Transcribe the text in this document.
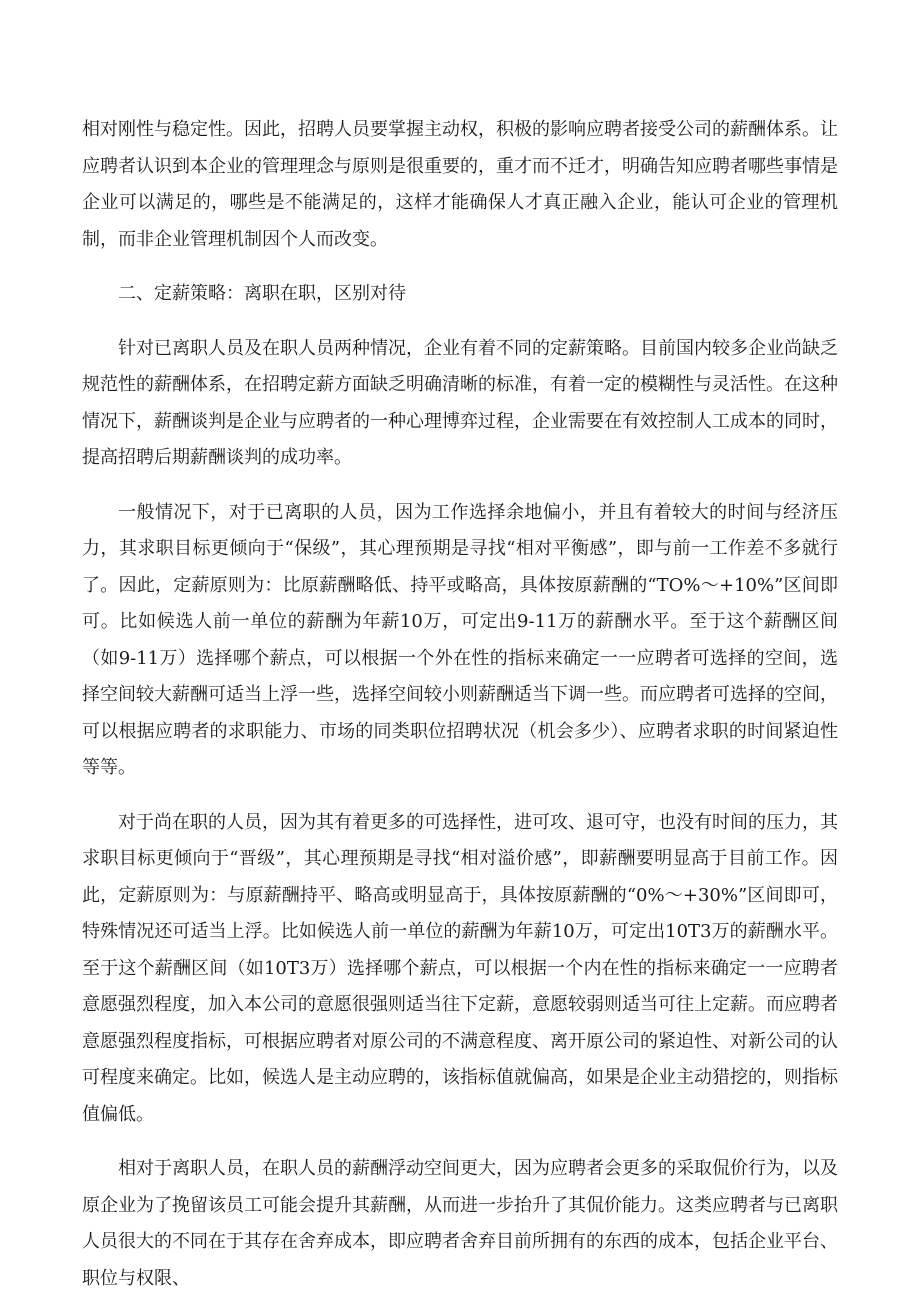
相对刚性与稳定性。因此，招聘人员要掌握主动权，积极的影响应聘者接受公司的薪酬体系。让应聘者认识到本企业的管理理念与原则是很重要的，重才而不迁才，明确告知应聘者哪些事情是企业可以满足的，哪些是不能满足的，这样才能确保人才真正融入企业，能认可企业的管理机制，而非企业管理机制因个人而改变。

二、定薪策略：离职在职，区别对待

针对已离职人员及在职人员两种情况，企业有着不同的定薪策略。目前国内较多企业尚缺乏规范性的薪酬体系，在招聘定薪方面缺乏明确清晰的标准，有着一定的模糊性与灵活性。在这种情况下，薪酬谈判是企业与应聘者的一种心理博弈过程，企业需要在有效控制人工成本的同时，提高招聘后期薪酬谈判的成功率。

一般情况下，对于已离职的人员，因为工作选择余地偏小，并且有着较大的时间与经济压力，其求职目标更倾向于“保级”，其心理预期是寻找“相对平衡感”，即与前一工作差不多就行了。因此，定薪原则为：比原薪酬略低、持平或略高，具体按原薪酬的“TO%～+10%”区间即可。比如候选人前一单位的薪酬为年薪10万，可定出9-11万的薪酬水平。至于这个薪酬区间（如9-11万）选择哪个薪点，可以根据一个外在性的指标来确定一一应聘者可选择的空间，选择空间较大薪酬可适当上浮一些，选择空间较小则薪酬适当下调一些。而应聘者可选择的空间，可以根据应聘者的求职能力、市场的同类职位招聘状况（机会多少）、应聘者求职的时间紧迫性等等。

对于尚在职的人员，因为其有着更多的可选择性，进可攻、退可守，也没有时间的压力，其求职目标更倾向于“晋级”，其心理预期是寻找“相对溢价感”，即薪酬要明显高于目前工作。因此，定薪原则为：与原薪酬持平、略高或明显高于，具体按原薪酬的“0%～+30%”区间即可，特殊情况还可适当上浮。比如候选人前一单位的薪酬为年薪10万，可定出10T3万的薪酬水平。至于这个薪酬区间（如10T3万）选择哪个薪点，可以根据一个内在性的指标来确定一一应聘者意愿强烈程度，加入本公司的意愿很强则适当往下定薪，意愿较弱则适当可往上定薪。而应聘者意愿强烈程度指标，可根据应聘者对原公司的不满意程度、离开原公司的紧迫性、对新公司的认可程度来确定。比如，候选人是主动应聘的，该指标值就偏高，如果是企业主动猎挖的，则指标值偏低。

相对于离职人员，在职人员的薪酬浮动空间更大，因为应聘者会更多的采取侃价行为，以及原企业为了挽留该员工可能会提升其薪酬，从而进一步抬升了其侃价能力。这类应聘者与已离职人员很大的不同在于其存在舍弃成本，即应聘者舍弃目前所拥有的东西的成本，包括企业平台、职位与权限、
